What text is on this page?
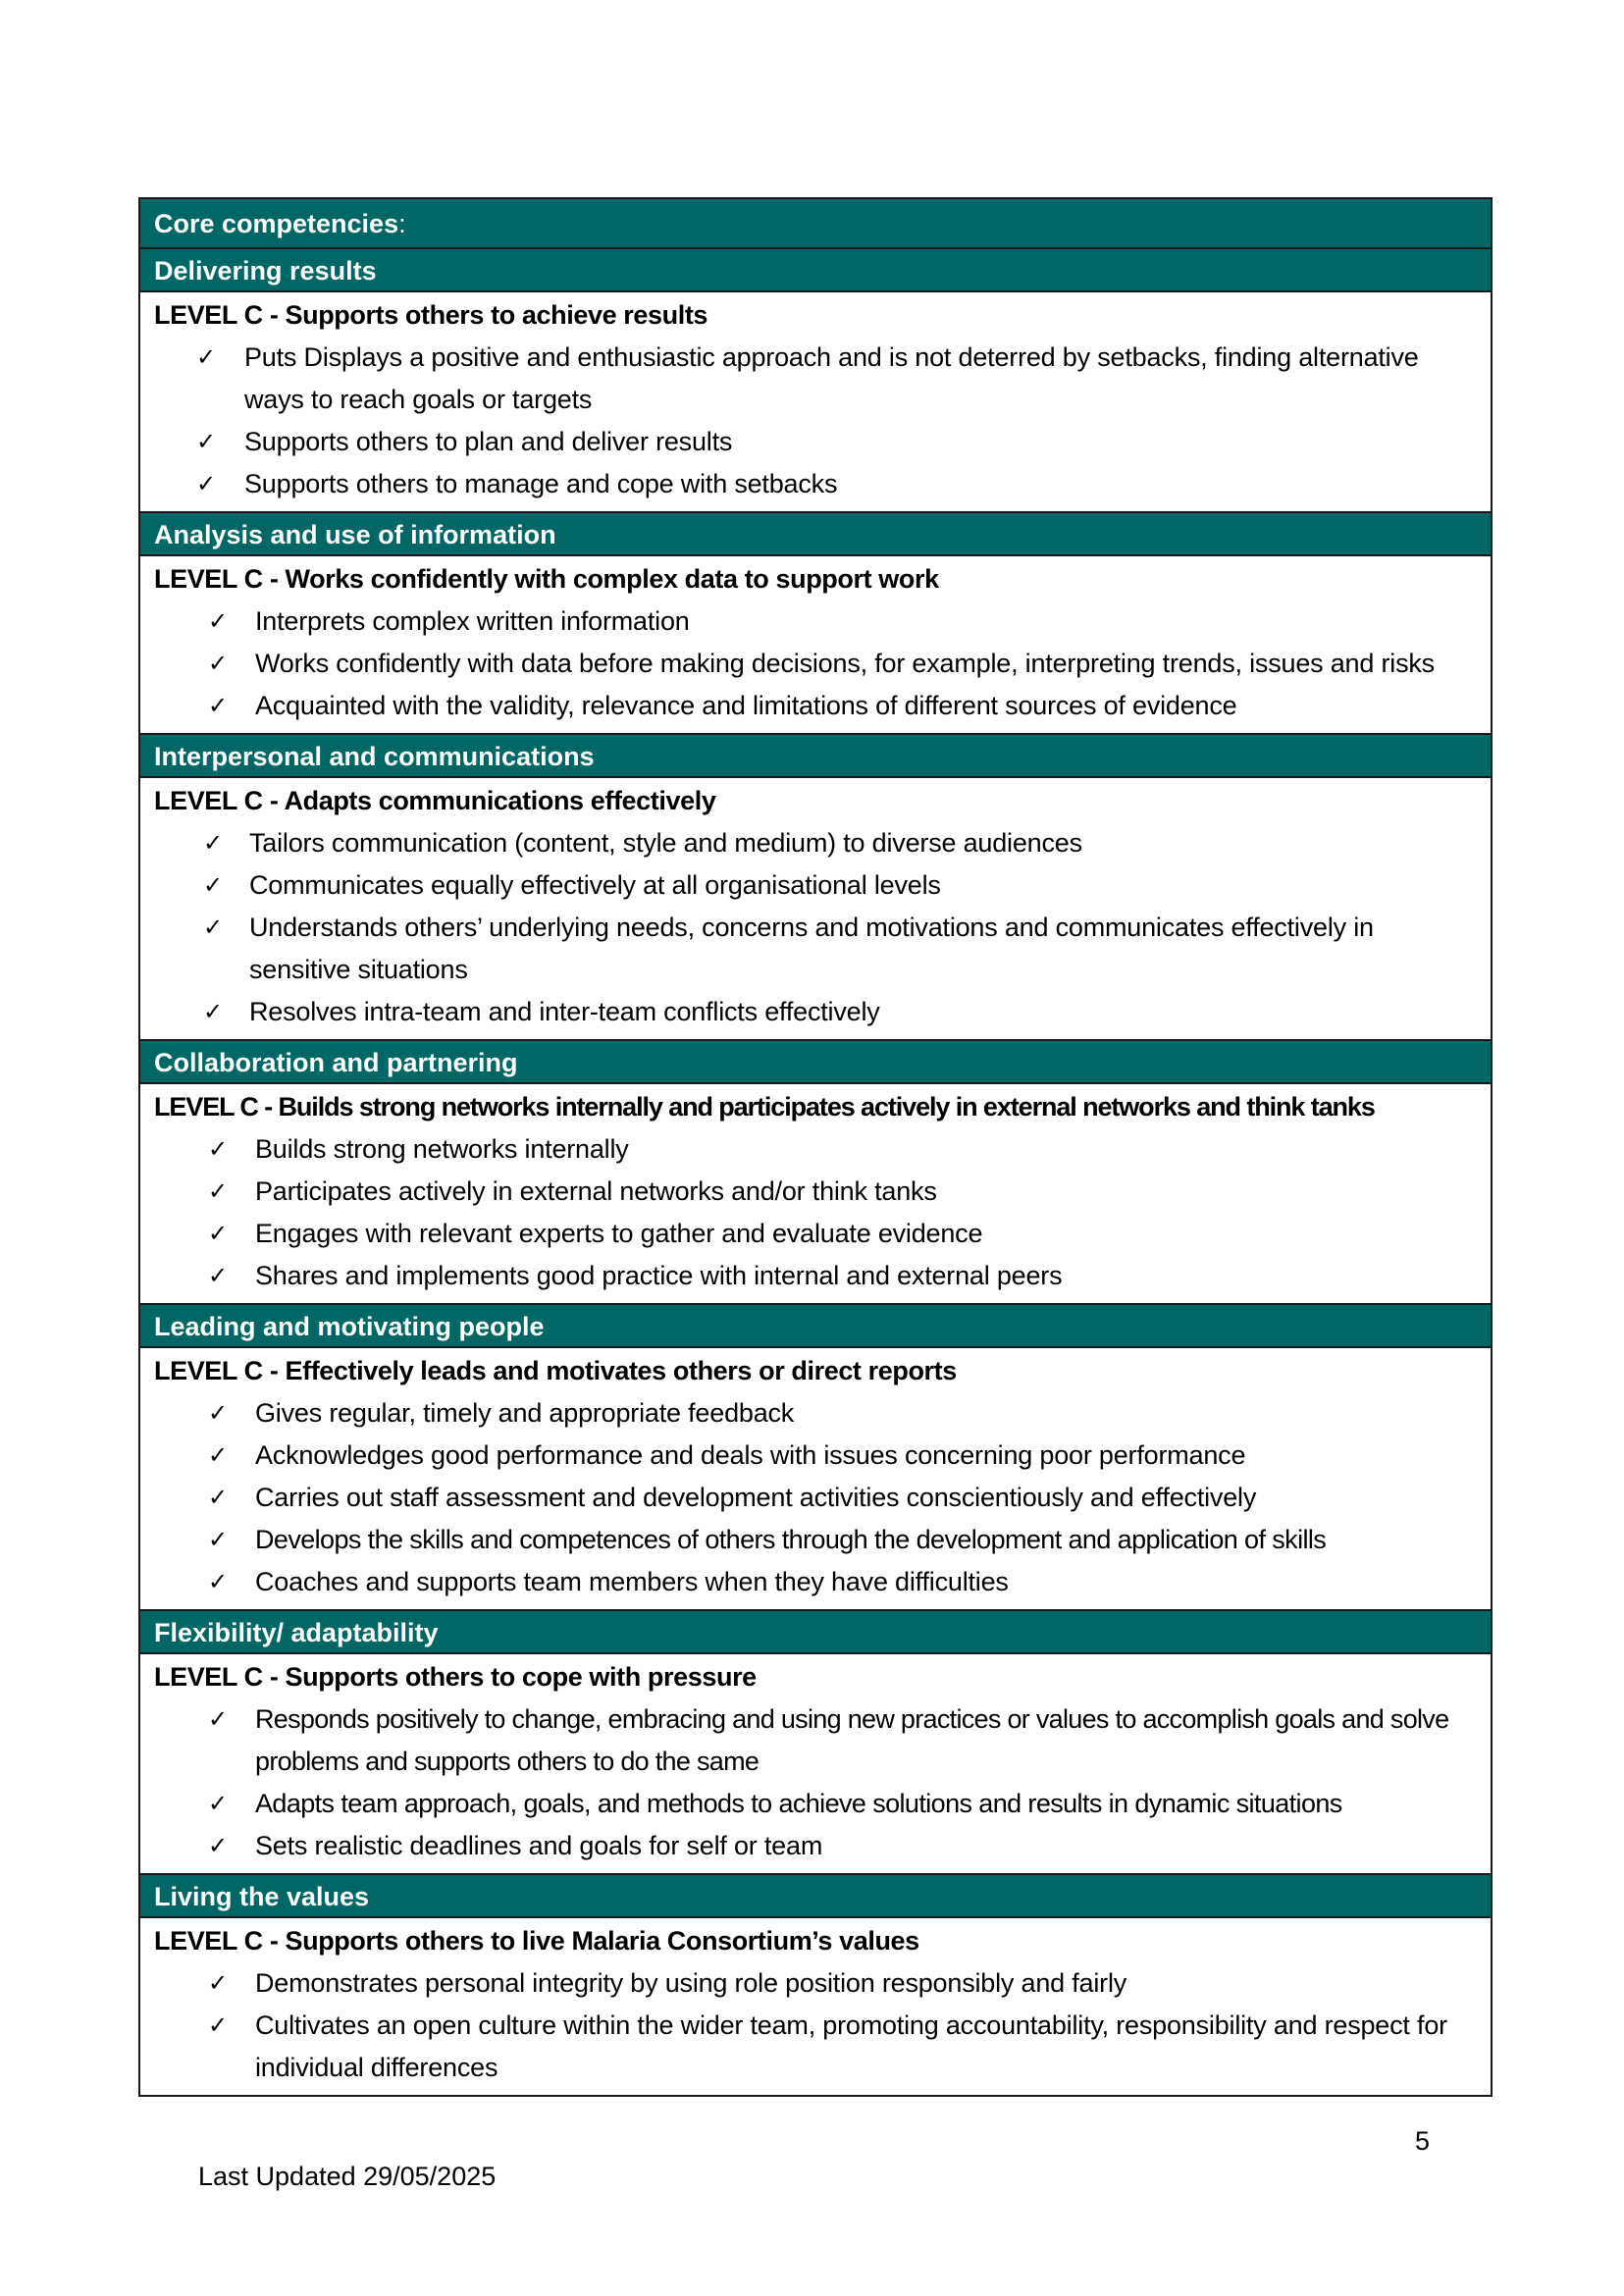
Core competencies:
Delivering results
LEVEL C - Supports others to achieve results
✓ Puts Displays a positive and enthusiastic approach and is not deterred by setbacks, finding alternative ways to reach goals or targets
✓ Supports others to plan and deliver results
✓ Supports others to manage and cope with setbacks
Analysis and use of information
LEVEL C - Works confidently with complex data to support work
✓ Interprets complex written information
✓ Works confidently with data before making decisions, for example, interpreting trends, issues and risks
✓ Acquainted with the validity, relevance and limitations of different sources of evidence
Interpersonal and communications
LEVEL C - Adapts communications effectively
✓ Tailors communication (content, style and medium) to diverse audiences
✓ Communicates equally effectively at all organisational levels
✓ Understands others’ underlying needs, concerns and motivations and communicates effectively in sensitive situations
✓ Resolves intra-team and inter-team conflicts effectively
Collaboration and partnering
LEVEL C - Builds strong networks internally and participates actively in external networks and think tanks
✓ Builds strong networks internally
✓ Participates actively in external networks and/or think tanks
✓ Engages with relevant experts to gather and evaluate evidence
✓ Shares and implements good practice with internal and external peers
Leading and motivating people
LEVEL C - Effectively leads and motivates others or direct reports
✓ Gives regular, timely and appropriate feedback
✓ Acknowledges good performance and deals with issues concerning poor performance
✓ Carries out staff assessment and development activities conscientiously and effectively
✓ Develops the skills and competences of others through the development and application of skills
✓ Coaches and supports team members when they have difficulties
Flexibility/ adaptability
LEVEL C - Supports others to cope with pressure
✓ Responds positively to change, embracing and using new practices or values to accomplish goals and solve problems and supports others to do the same
✓ Adapts team approach, goals, and methods to achieve solutions and results in dynamic situations
✓ Sets realistic deadlines and goals for self or team
Living the values
LEVEL C - Supports others to live Malaria Consortium’s values
✓ Demonstrates personal integrity by using role position responsibly and fairly
✓ Cultivates an open culture within the wider team, promoting accountability, responsibility and respect for individual differences
5
Last Updated 29/05/2025
